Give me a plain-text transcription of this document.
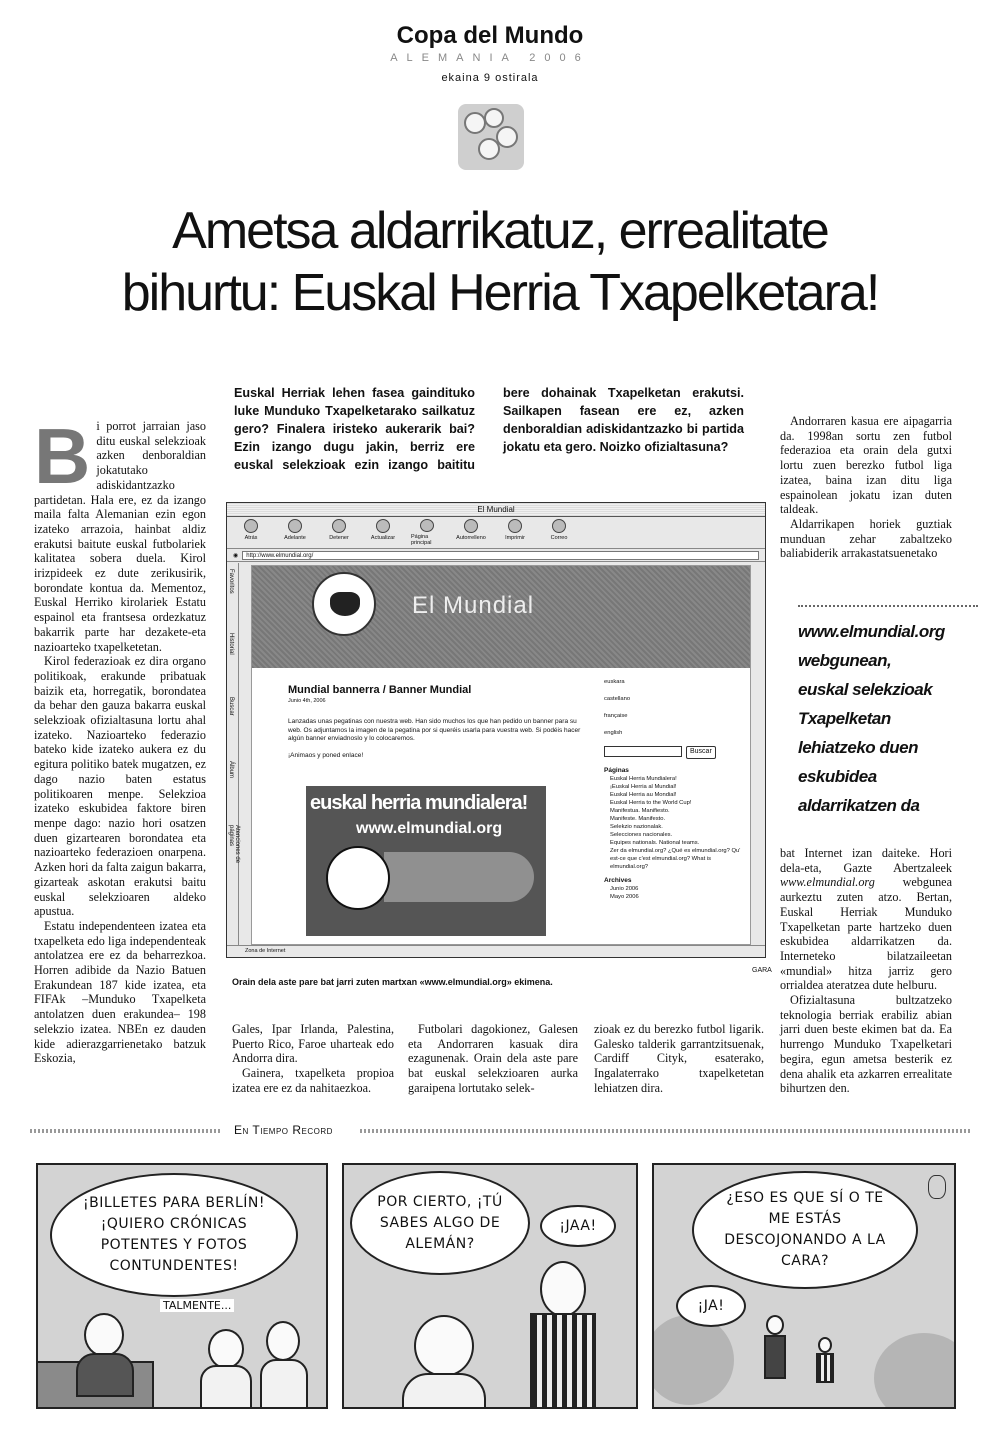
Copa del Mundo
ALEMANIA 2006
ekaina 9 ostirala
Ametsa aldarrikatuz, errealitate
bihurtu: Euskal Herria Txapelketara!

Bi porrot jarraian jaso ditu euskal selekzioak azken denboraldian jokatutako adiskidantzazko partidetan. Hala ere, ez da izango maila falta Alemanian ezin egon izateko arrazoia, hainbat aldiz erakutsi baitute euskal futbolariek kalitatea sobera duela. Kirol irizpideek ez dute zerikusirik, borondate kontua da. Mementoz, Euskal Herriko kirolariek Estatu espainol eta frantsesa ordezkatuz bakarrik parte har dezakete-eta nazioarteko txapelketetan.

Kirol federazioak ez dira organo politikoak, erakunde pribatuak baizik eta, horregatik, borondatea da behar den gauza bakarra euskal selekzioak ofizialtasuna lortu ahal izateko. Nazioarteko federazio bateko kide izateko aukera ez du egitura politiko batek mugatzen, ez dago nazio baten estatus politikoaren menpe. Selekzioa izateko eskubidea faktore biren menpe dago: nazio hori osatzen duen gizartearen borondatea eta nazioarteko federazioen onarpena. Azken hori da falta zaigun bakarra, gizarteak askotan erakutsi baitu euskal selekzioaren aldeko apustua.

Estatu independenteen izatea eta txapelketa edo liga independenteak antolatzea ere ez da beharrezkoa. Horren adibide da Nazio Batuen Erakundean 187 kide izatea, eta FIFAk –Munduko Txapelketa antolatzen duen erakundea– 198 selekzio izatea. NBEn ez dauden kide adierazgarrienetako batzuk Eskozia,

Euskal Herriak lehen fasea gaindituko luke Munduko Txapelketarako sailkatuz gero? Finalera iristeko aukerarik bai? Ezin izango dugu jakin, berriz ere euskal selekzioak ezin izango baititu bere dohainak Txapelketan erakutsi. Sailkapen fasean ere ez, azken denboraldian adiskidantzazko bi partida jokatu eta gero. Noizko ofizialtasuna?

Andorraren kasua ere aipagarria da. 1998an sortu zen futbol federazioa eta orain dela gutxi lortu zuen berezko futbol liga izatea, baina izan ditu liga espainolean jokatu izan duten taldeak.

Aldarrikapen horiek guztiak munduan zehar zabaltzeko baliabiderik arrakastatsuenetako

www.elmundial.org
webgunean,
euskal selekzioak
Txapelketan
lehiatzeko duen
eskubidea
aldarrikatzen da

bat Internet izan daiteke. Hori dela-eta, Gazte Abertzaleek www.elmundial.org webgunea aurkeztu zuten atzo. Bertan, Euskal Herriak Munduko Txapelketan parte hartzeko duen eskubidea aldarrikatzen da. Interneteko bilatzaileetan «mundial» hitza jarriz gero orrialdea ateratzea dute helburu.

Ofizialtasuna bultzatzeko teknologia berriak erabiliz abian jarri duen beste ekimen bat da. Ea hurrengo Munduko Txapelketari begira, egun ametsa besterik ez dena ahalik eta azkarren errealitate bihurtzen den.

El Mundial
Atrás	Adelante	Detener	Actualizar	Página principal
Autorrelleno	Imprimir	Correo
◉	http://www.elmundial.org/
Favoritos
Historial
Buscar
Álbum
Atenciones de páginas
El Mundial
Mundial bannerra / Banner Mundial
Junio 4th, 2006
Lanzadas unas pegatinas con nuestra web. Han sido muchos los que han pedido un banner para su web. Os adjuntamos la imagen de la pegatina por si queréis usarla para vuestra web. Si podéis hacer algún banner enviadnoslo y lo colocaremos.
¡Animaos y poned enlace!
euskal herria mundialera!
www.elmundial.org
euskara
castellano
française
english
Buscar
Páginas
Euskal Herria Mundialera!
¡Euskal Herria al Mundial!
Euskal Herria au Mondial!
Euskal Herria to the World Cup!
Manifestua. Manifiesto.
Manifeste. Manifesto.
Selekzio nazionalak.
Selecciones nacionales.
Equipes nationals. National teams.
Zer da elmundial.org? ¿Qué es elmundial.org? Qu' est-ce que c'est elmundial.org? What is elmundial.org?
Archives
Junio 2006
Mayo 2006
Zona de Internet
GARA
Orain dela aste pare bat jarri zuten martxan «www.elmundial.org» ekimena.

Gales, Ipar Irlanda, Palestina, Puerto Rico, Faroe uharteak edo Andorra dira.

Gainera, txapelketa propioa izatea ere ez da nahitaezkoa.

Futbolari dagokionez, Galesen eta Andorraren kasuak dira ezagunenak. Orain dela aste pare bat euskal selekzioaren aurka garaipena lortutako selek-

zioak ez du berezko futbol ligarik. Galesko talderik garrantzitsuenak, Cardiff Cityk, esaterako, Ingalaterrako txapelketetan lehiatzen dira.

En Tiempo Record
¡BILLETES PARA BERLÍN!¡QUIERO CRÓNICAS POTENTES Y FOTOS CONTUNDENTES!
TALMENTE...
POR CIERTO, ¡TÚ SABES ALGO DE ALEMÁN?
¡JAA!
¿ESO ES QUE SÍ O TE ME ESTÁS DESCOJONANDO A LA CARA?
¡JA!
